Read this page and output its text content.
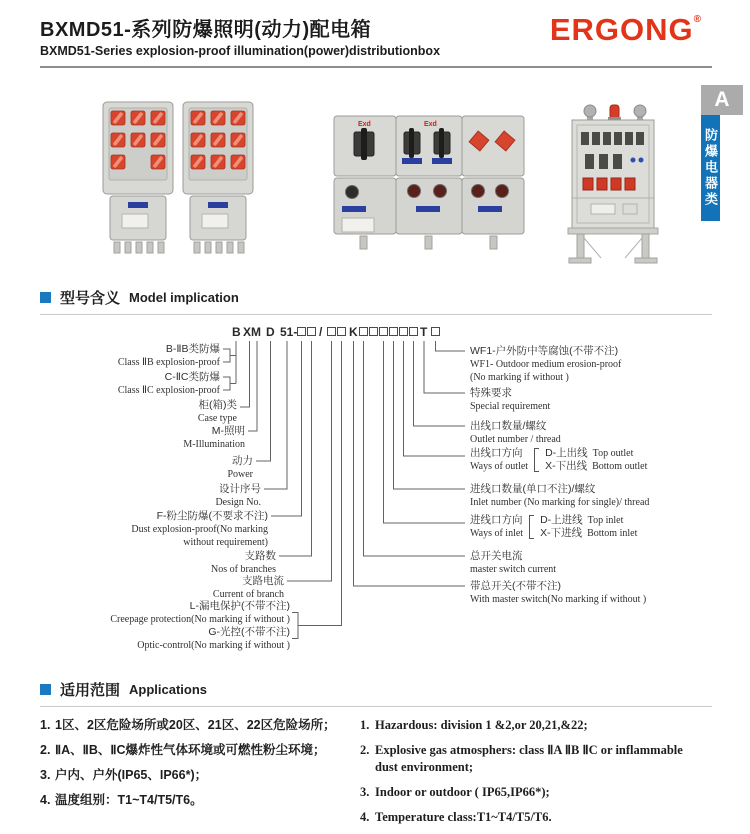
BXMD51-系列防爆照明(动力)配电箱
BXMD51-Series explosion-proof illumination(power)distributionbox
ERGONG®
A
防爆电器类
Exd	Exd
型号含义 Model implication
B XM D 51- / K	T
B-ⅡB类防爆
Class ⅡB explosion-proof
C-ⅡC类防爆
Class ⅡC explosion-proof
柜(箱)类
Case type
M-照明
M-Illumination
动力
Power
设计序号
Design No.
F-粉尘防爆(不要求不注)
Dust explosion-proof(No marking
without requirement)
支路数
Nos of branches
支路电流
Current of branch
L-漏电保护(不带不注)
Creepage protection(No marking if without )
G-光控(不带不注)
Optic-control(No marking if without )
WF1-户外防中等腐蚀(不带不注)
WF1- Outdoor medium erosion-proof
(No marking if without )
特殊要求
Special requirement
出线口数量/螺纹
Outlet number / thread
出线口方向
Ways of outlet
D-上出线 Top outlet
X-下出线 Bottom outlet
进线口数量(单口不注)/螺纹
Inlet number (No marking for single)/ thread
进线口方向
Ways of inlet
D-上进线 Top inlet
X-下进线 Bottom inlet
总开关电流
master switch current
带总开关(不带不注)
With master switch(No marking if without )
适用范围 Applications
1. 1区、2区危险场所或20区、21区、22区危险场所；
2. ⅡA、ⅡB、ⅡC爆炸性气体环境或可燃性粉尘环境；
3. 户内、户外(IP65、IP66*)；
4. 温度组别：T1~T4/T5/T6。
1. Hazardous: division 1 &2,or 20,21,&22;
2. Explosive gas atmosphers: class ⅡA ⅡB ⅡC or inflammable dust environment;
3. Indoor or outdoor ( IP65,IP66*);
4. Temperature class:T1~T4/T5/T6.
